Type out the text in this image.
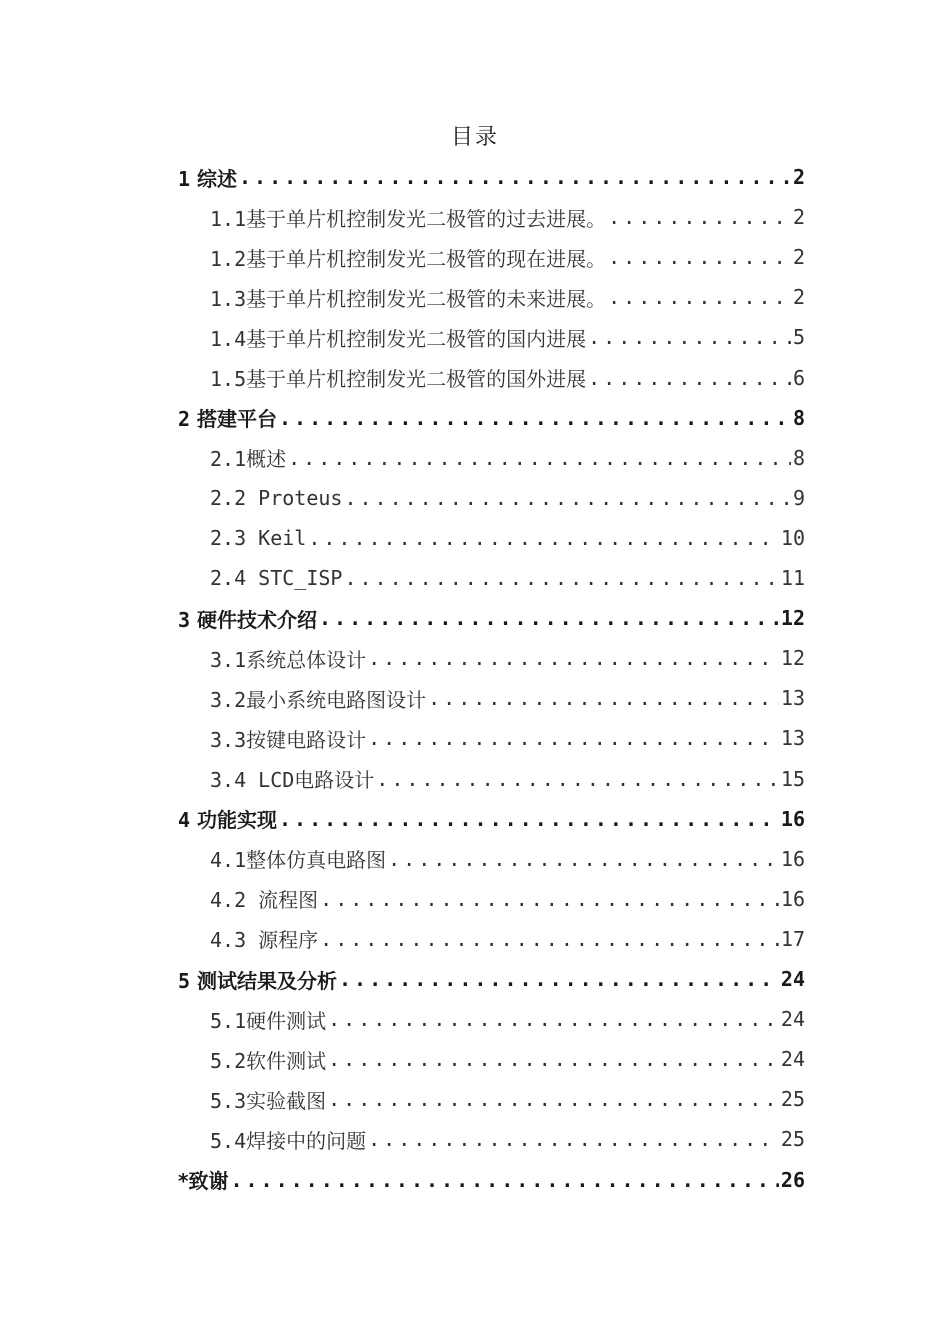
目录
1 综述 .....	2
1.1基于单片机控制发光二极管的过去进展。 .....	2
1.2基于单片机控制发光二极管的现在进展。 .....	2
1.3基于单片机控制发光二极管的未来进展。 .....	2
1.4基于单片机控制发光二极管的国内进展 .....	5
1.5基于单片机控制发光二极管的国外进展 .....	6
2 搭建平台 .....	8
2.1概述 .....	8
2.2 Proteus .....	9
2.3 Keil .....	10
2.4 STC_ISP .....	11
3 硬件技术介绍 .....	12
3.1系统总体设计 .....	12
3.2最小系统电路图设计 .....	13
3.3按键电路设计 .....	13
3.4 LCD电路设计 .....	15
4 功能实现 .....	16
4.1整体仿真电路图 .....	16
4.2 流程图 .....	16
4.3 源程序 .....	17
5 测试结果及分析 .....	24
5.1硬件测试 .....	24
5.2软件测试 .....	24
5.3实验截图 .....	25
5.4焊接中的问题 .....	25
*致谢 .....	26
